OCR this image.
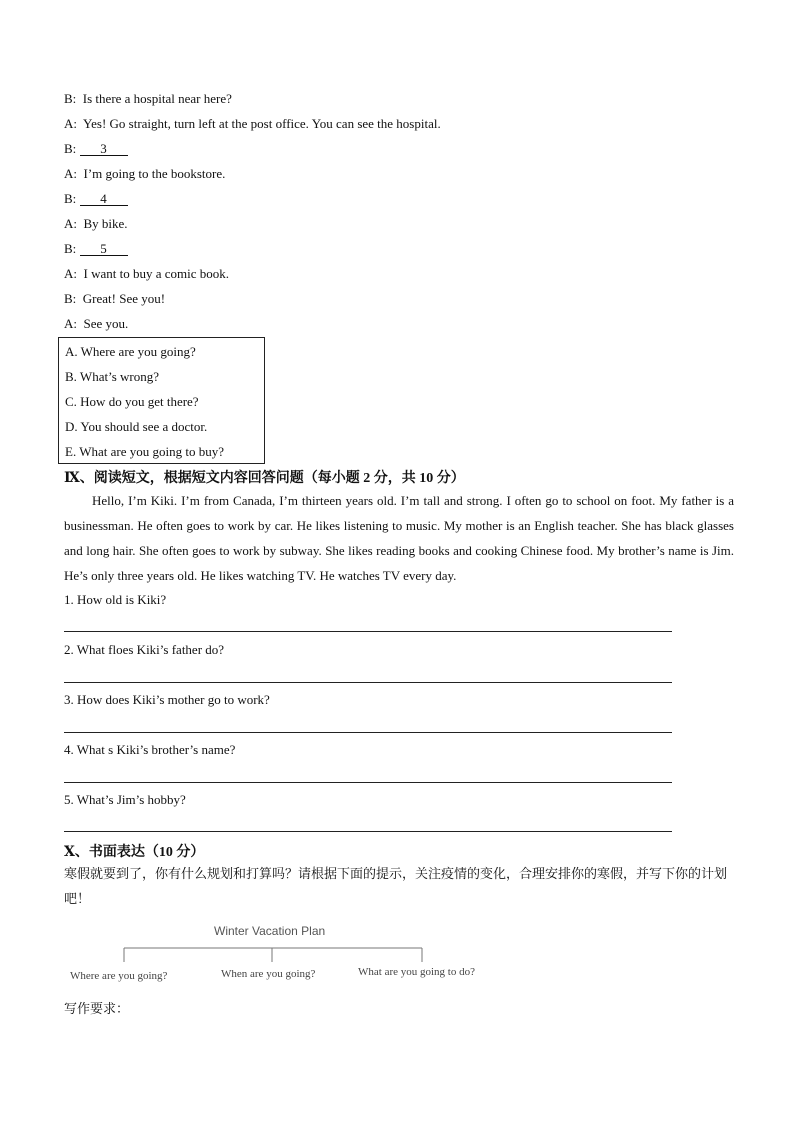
B: Is there a hospital near here?
A: Yes! Go straight, turn left at the post office. You can see the hospital.
B: 3
A: I’m going to the bookstore.
B: 4
A: By bike.
B: 5
A: I want to buy a comic book.
B: Great! See you!
A: See you.
A. Where are you going?
B. What’s wrong?
C. How do you get there?
D. You should see a doctor.
E. What are you going to buy?
Ⅸ、阅读短文，根据短文内容回答问题（每小题 2 分，共 10 分）
Hello, I’m Kiki. I’m from Canada, I’m thirteen years old. I’m tall and strong. I often go to school on foot. My father is a businessman. He often goes to work by car. He likes listening to music. My mother is an English teacher. She has black glasses and long hair. She often goes to work by subway. She likes reading books and cooking Chinese food. My brother’s name is Jim. He’s only three years old. He likes watching TV. He watches TV every day.
1. How old is Kiki?
2. What floes Kiki’s father do?
3. How does Kiki’s mother go to work?
4. What s Kiki’s brother’s name?
5. What’s Jim’s hobby?
Ⅹ、书面表达（10 分）
寒假就要到了，你有什么规划和打算吗？请根据下面的提示，关注疫情的变化，合理安排你的寒假，并写下你的计划吧！
Winter Vacation Plan
Where are you going?	When are you going?	What are you going to do?
写作要求：
